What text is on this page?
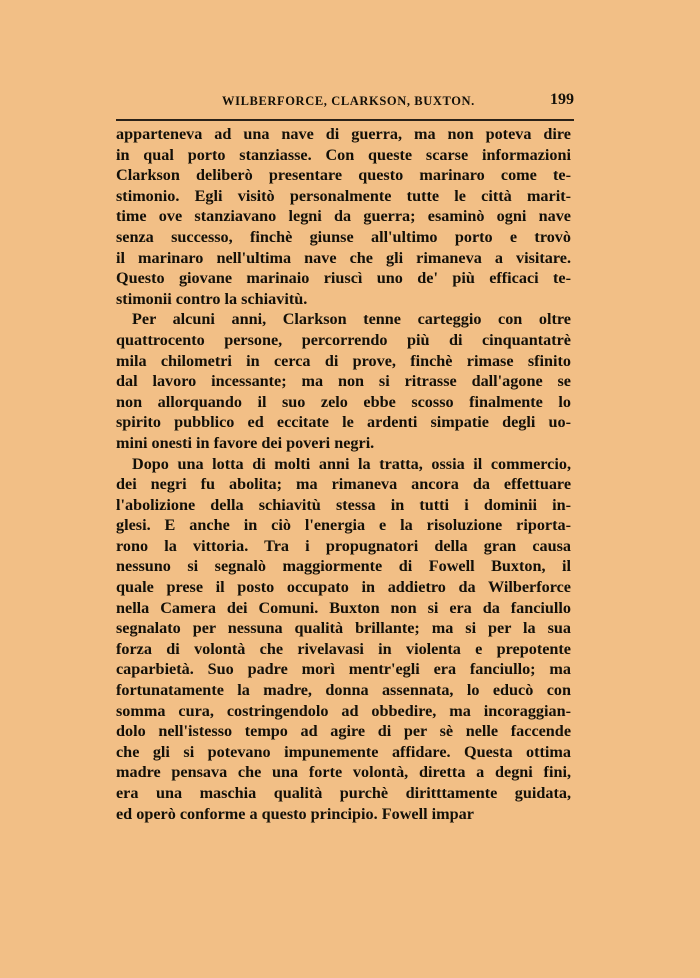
WILBERFORCE, CLARKSON, BUXTON.	199
apparteneva ad una nave di guerra, ma non poteva dire
in qual porto stanziasse. Con queste scarse informazioni
Clarkson deliberò presentare questo marinaro come te-
stimonio. Egli visitò personalmente tutte le città marit-
time ove stanziavano legni da guerra; esaminò ogni nave
senza successo, finchè giunse all'ultimo porto e trovò
il marinaro nell'ultima nave che gli rimaneva a visitare.
Questo giovane marinaio riuscì uno de' più efficaci te-
stimonii contro la schiavitù.
Per alcuni anni, Clarkson tenne carteggio con oltre
quattrocento persone, percorrendo più di cinquantatrè
mila chilometri in cerca di prove, finchè rimase sfinito
dal lavoro incessante; ma non si ritrasse dall'agone se
non allorquando il suo zelo ebbe scosso finalmente lo
spirito pubblico ed eccitate le ardenti simpatie degli uo-
mini onesti in favore dei poveri negri.
Dopo una lotta di molti anni la tratta, ossia il commercio,
dei negri fu abolita; ma rimaneva ancora da effettuare
l'abolizione della schiavitù stessa in tutti i dominii in-
glesi. E anche in ciò l'energia e la risoluzione riporta-
rono la vittoria. Tra i propugnatori della gran causa
nessuno si segnalò maggiormente di Fowell Buxton, il
quale prese il posto occupato in addietro da Wilberforce
nella Camera dei Comuni. Buxton non si era da fanciullo
segnalato per nessuna qualità brillante; ma si per la sua
forza di volontà che rivelavasi in violenta e prepotente
caparbietà. Suo padre morì mentr'egli era fanciullo; ma
fortunatamente la madre, donna assennata, lo educò con
somma cura, costringendolo ad obbedire, ma incoraggian-
dolo nell'istesso tempo ad agire di per sè nelle faccende
che gli si potevano impunemente affidare. Questa ottima
madre pensava che una forte volontà, diretta a degni fini,
era una maschia qualità purchè diritttamente guidata,
ed operò conforme a questo principio. Fowell impar
